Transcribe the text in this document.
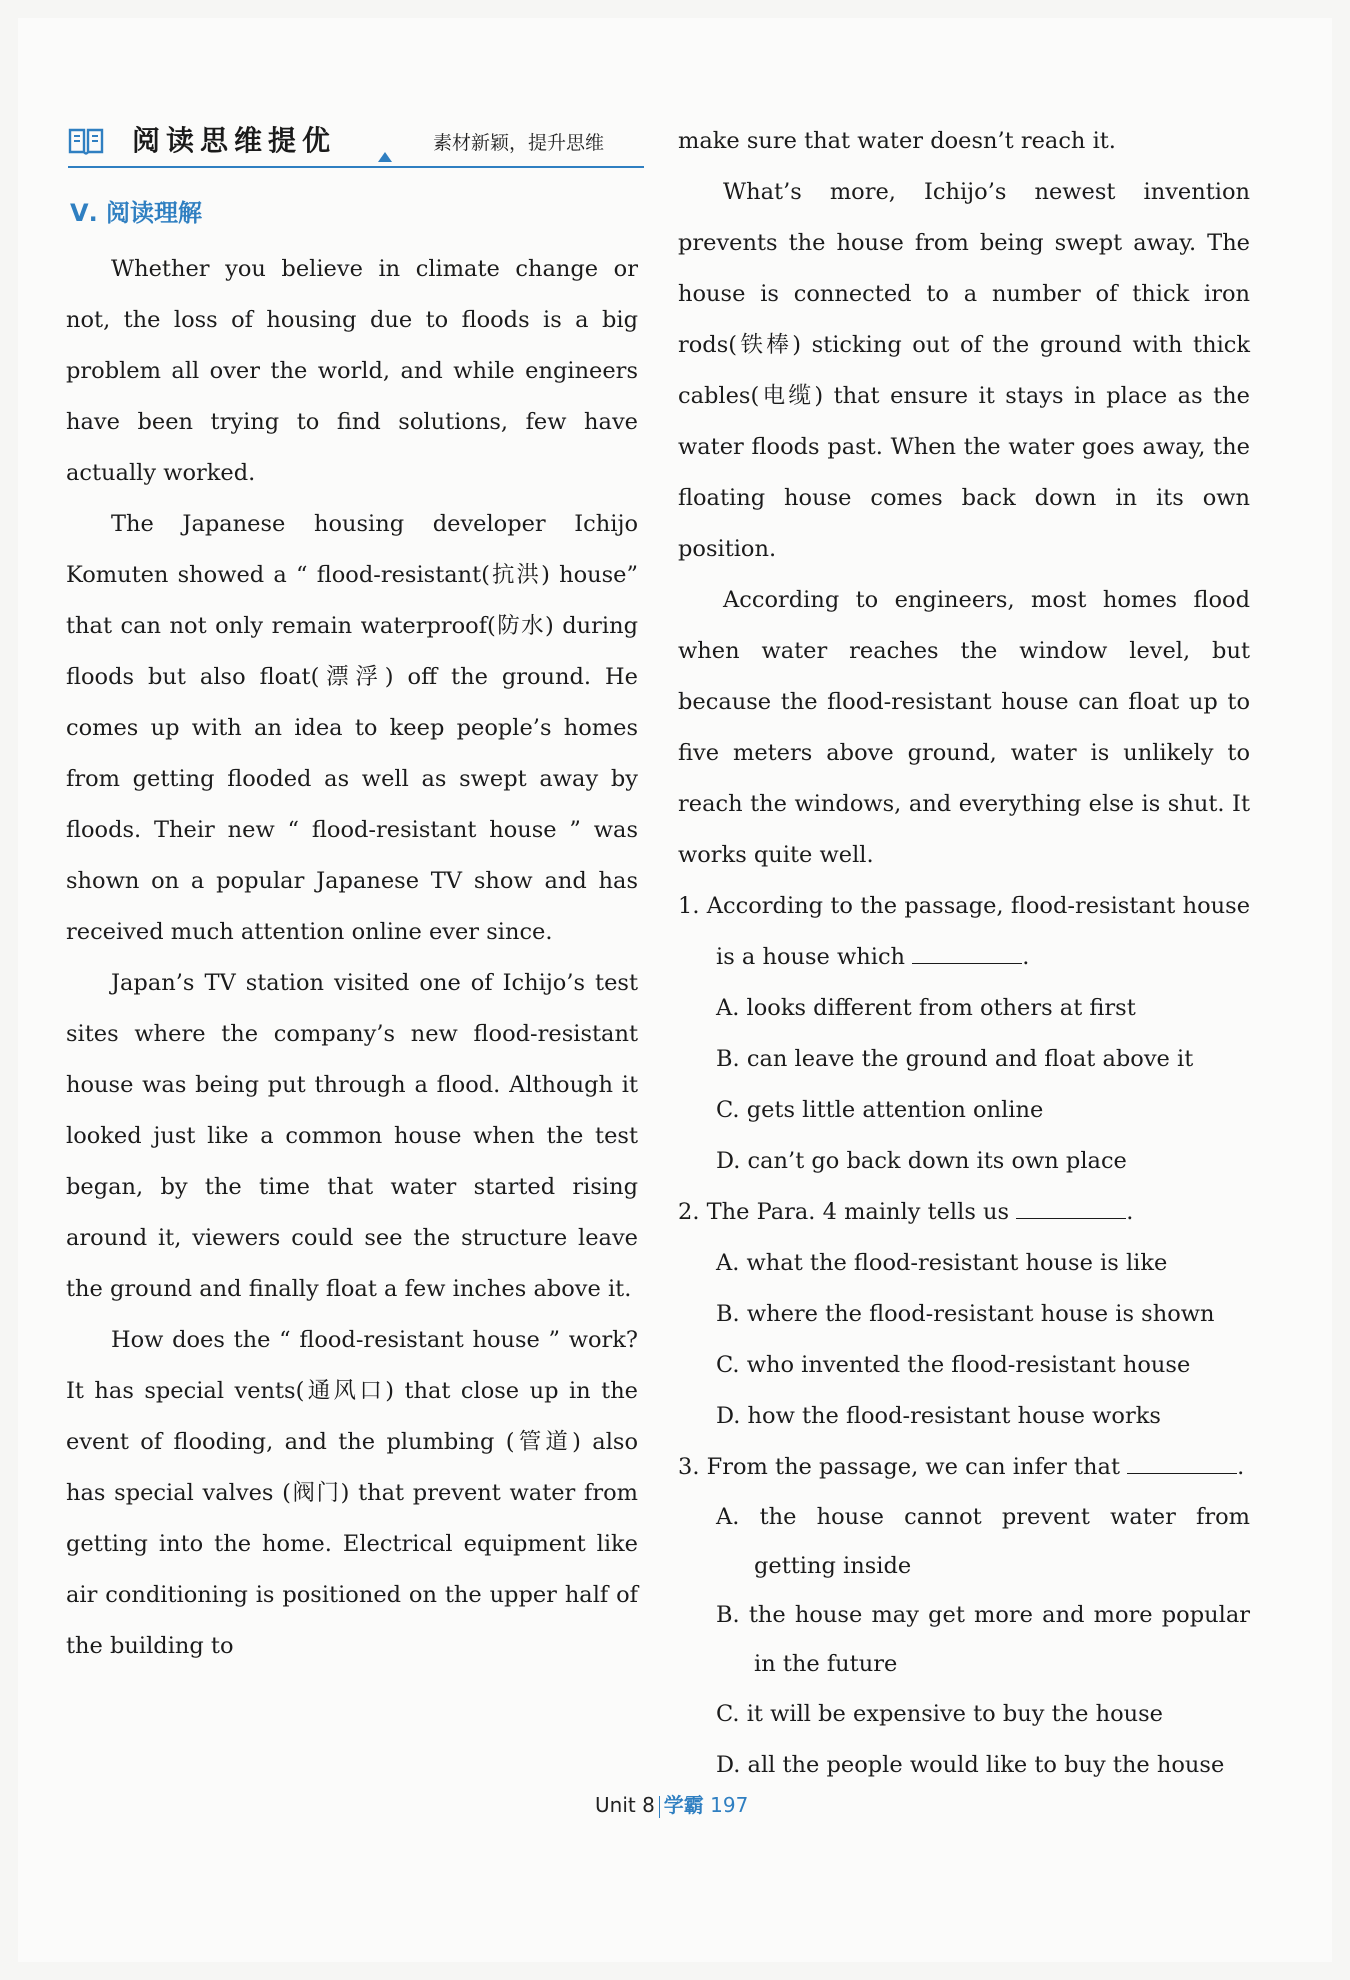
阅读思维提优	素材新颖，提升思维
Ⅴ. 阅读理解

Whether you believe in climate change or not, the loss of housing due to floods is a big problem all over the world, and while engineers have been trying to find solutions, few have actually worked.

The Japanese housing developer Ichijo Komuten showed a “ flood-resistant(抗洪) house” that can not only remain waterproof(防水) during floods but also float(漂浮) off the ground. He comes up with an idea to keep people’s homes from getting flooded as well as swept away by floods. Their new “ flood-resistant house ” was shown on a popular Japanese TV show and has received much attention online ever since.

Japan’s TV station visited one of Ichijo’s test sites where the company’s new flood-resistant house was being put through a flood. Although it looked just like a common house when the test began, by the time that water started rising around it, viewers could see the structure leave the ground and finally float a few inches above it.

How does the “ flood-resistant house ” work? It has special vents(通风口) that close up in the event of flooding, and the plumbing (管道) also has special valves (阀门) that prevent water from getting into the home. Electrical equipment like air conditioning is positioned on the upper half of the building to

make sure that water doesn’t reach it.

What’s more, Ichijo’s newest invention prevents the house from being swept away. The house is connected to a number of thick iron rods(铁棒) sticking out of the ground with thick cables(电缆) that ensure it stays in place as the water floods past. When the water goes away, the floating house comes back down in its own position.

According to engineers, most homes flood when water reaches the window level, but because the flood-resistant house can float up to five meters above ground, water is unlikely to reach the windows, and everything else is shut. It works quite well.

1. According to the passage, flood-resistant house is a house which	.

A. looks different from others at first

B. can leave the ground and float above it

C. gets little attention online

D. can’t go back down its own place

2. The Para. 4 mainly tells us	.

A. what the flood-resistant house is like

B. where the flood-resistant house is shown

C. who invented the flood-resistant house

D. how the flood-resistant house works

3. From the passage, we can infer that	.

A. the house cannot prevent water from getting inside

B. the house may get more and more popular in the future

C. it will be expensive to buy the house

D. all the people would like to buy the house

Unit 8 学霸 197
